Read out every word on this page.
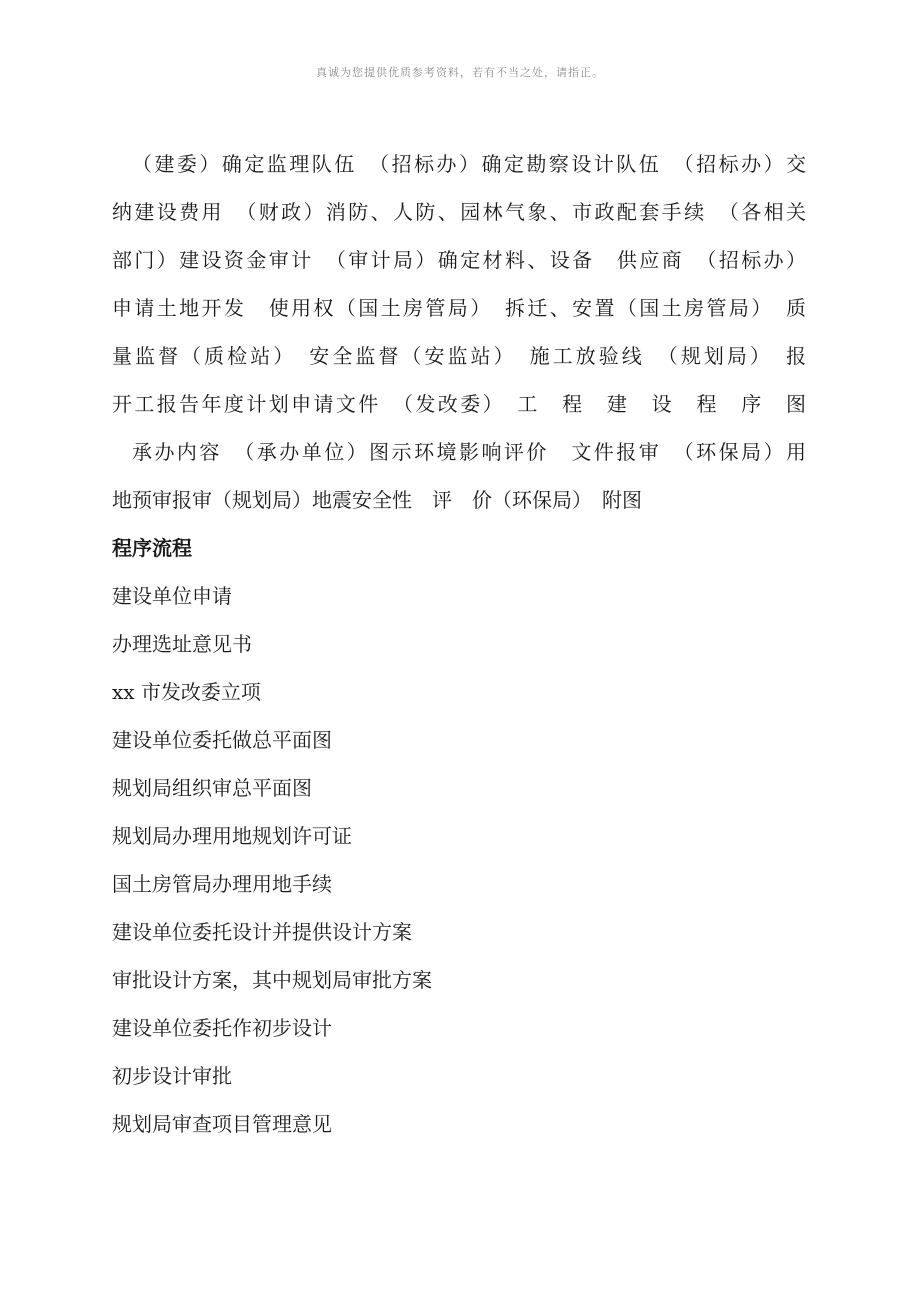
真诚为您提供优质参考资料，若有不当之处，请指正。
（建委）确定监理队伍　（招标办）确定勘察设计队伍　（招标办）交
纳建设费用　（财政）消防、人防、园林气象、市政配套手续　（各相关
部门）建设资金审计　（审计局）确定材料、设备　供应商　（招标办）
申请土地开发　使用权（国土房管局）　拆迁、安置（国土房管局）　质
量监督（质检站）　安全监督（安监站）　施工放验线　（规划局）　报
开工报告年度计划申请文件　（发改委）　工　程　建　设　程　序　图
承办内容　（承办单位）图示环境影响评价　文件报审　（环保局）用
地预审报审（规划局）地震安全性　评　价（环保局）　附图
程序流程
建设单位申请
办理选址意见书
xx 市发改委立项
建设单位委托做总平面图
规划局组织审总平面图
规划局办理用地规划许可证
国土房管局办理用地手续
建设单位委托设计并提供设计方案
审批设计方案，其中规划局审批方案
建设单位委托作初步设计
初步设计审批
规划局审查项目管理意见
